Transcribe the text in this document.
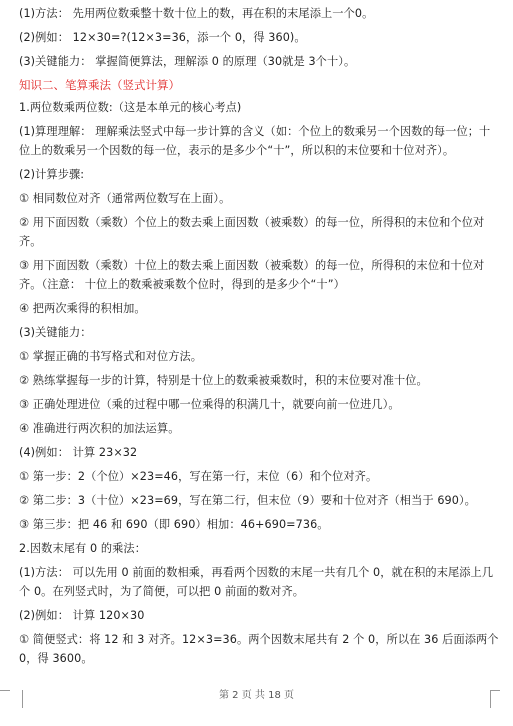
(1)方法： 先用两位数乘整十数十位上的数，再在积的末尾添上一个0。

(2)例如： 12×30=?(12×3=36，添一个 0，得 360)。

(3)关键能力： 掌握简便算法，理解添 0 的原理（30就是 3个十）。

知识二、笔算乘法（竖式计算）

1.两位数乘两位数:（这是本单元的核心考点)

(1)算理理解： 理解乘法竖式中每一步计算的含义（如：个位上的数乘另一个因数的每一位；十位上的数乘另一个因数的每一位，表示的是多少个“十”，所以积的末位要和十位对齐）。

(2)计算步骤:

① 相同数位对齐（通常两位数写在上面）。

② 用下面因数（乘数）个位上的数去乘上面因数（被乘数）的每一位，所得积的末位和个位对齐。

③ 用下面因数（乘数）十位上的数去乘上面因数（被乘数）的每一位，所得积的末位和十位对齐。（注意： 十位上的数乘被乘数个位时，得到的是多少个“十”）

④ 把两次乘得的积相加。

(3)关键能力：

① 掌握正确的书写格式和对位方法。

② 熟练掌握每一步的计算，特别是十位上的数乘被乘数时，积的末位要对准十位。

③ 正确处理进位（乘的过程中哪一位乘得的积满几十，就要向前一位进几）。

④ 准确进行两次积的加法运算。

(4)例如： 计算 23×32

① 第一步：2（个位）×23=46，写在第一行，末位（6）和个位对齐。

② 第二步：3（十位）×23=69，写在第二行，但末位（9）要和十位对齐（相当于 690）。

③ 第三步：把 46 和 690（即 690）相加：46+690=736。

2.因数末尾有 0 的乘法：

(1)方法： 可以先用 0 前面的数相乘，再看两个因数的末尾一共有几个 0，就在积的末尾添上几个 0。在列竖式时，为了简便，可以把 0 前面的数对齐。

(2)例如： 计算 120×30

① 简便竖式：将 12 和 3 对齐。12×3=36。两个因数末尾共有 2 个 0，所以在 36 后面添两个 0，得 3600。

第 2 页 共 18 页
